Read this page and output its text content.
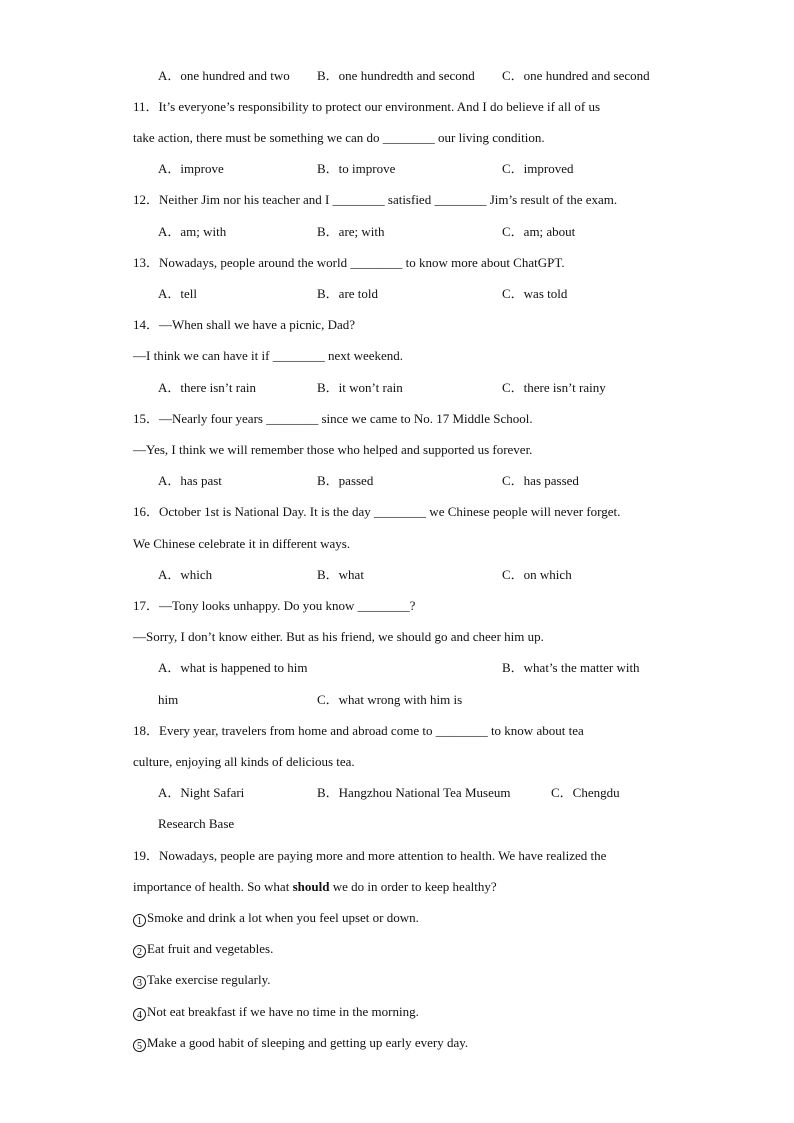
A．one hundred and two B．one hundredth and second C．one hundred and second
11．It’s everyone’s responsibility to protect our environment. And I do believe if all of us
take action, there must be something we can do ________ our living condition.
A．improve	B．to improve	C．improved
12．Neither Jim nor his teacher and I ________ satisfied ________ Jim’s result of the exam.
A．am; with	B．are; with	C．am; about
13．Nowadays, people around the world ________ to know more about ChatGPT.
A．tell	B．are told	C．was told
14．—When shall we have a picnic, Dad?
—I think we can have it if ________ next weekend.
A．there isn’t rain	B．it won’t rain	C．there isn’t rainy
15．—Nearly four years ________ since we came to No. 17 Middle School.
—Yes, I think we will remember those who helped and supported us forever.
A．has past	B．passed	C．has passed
16．October 1st is National Day. It is the day ________ we Chinese people will never forget.
We Chinese celebrate it in different ways.
A．which	B．what	C．on which
17．—Tony looks unhappy. Do you know ________?
—Sorry, I don’t know either. But as his friend, we should go and cheer him up.
A．what is happened to him	B．what’s the matter with
him	C．what wrong with him is
18．Every year, travelers from home and abroad come to ________ to know about tea
culture, enjoying all kinds of delicious tea.
A．Night Safari	B．Hangzhou National Tea Museum	C．Chengdu
Research Base
19．Nowadays, people are paying more and more attention to health. We have realized the
importance of health. So what should we do in order to keep healthy?
1 Smoke and drink a lot when you feel upset or down.
2 Eat fruit and vegetables.
3 Take exercise regularly.
4 Not eat breakfast if we have no time in the morning.
5 Make a good habit of sleeping and getting up early every day.
